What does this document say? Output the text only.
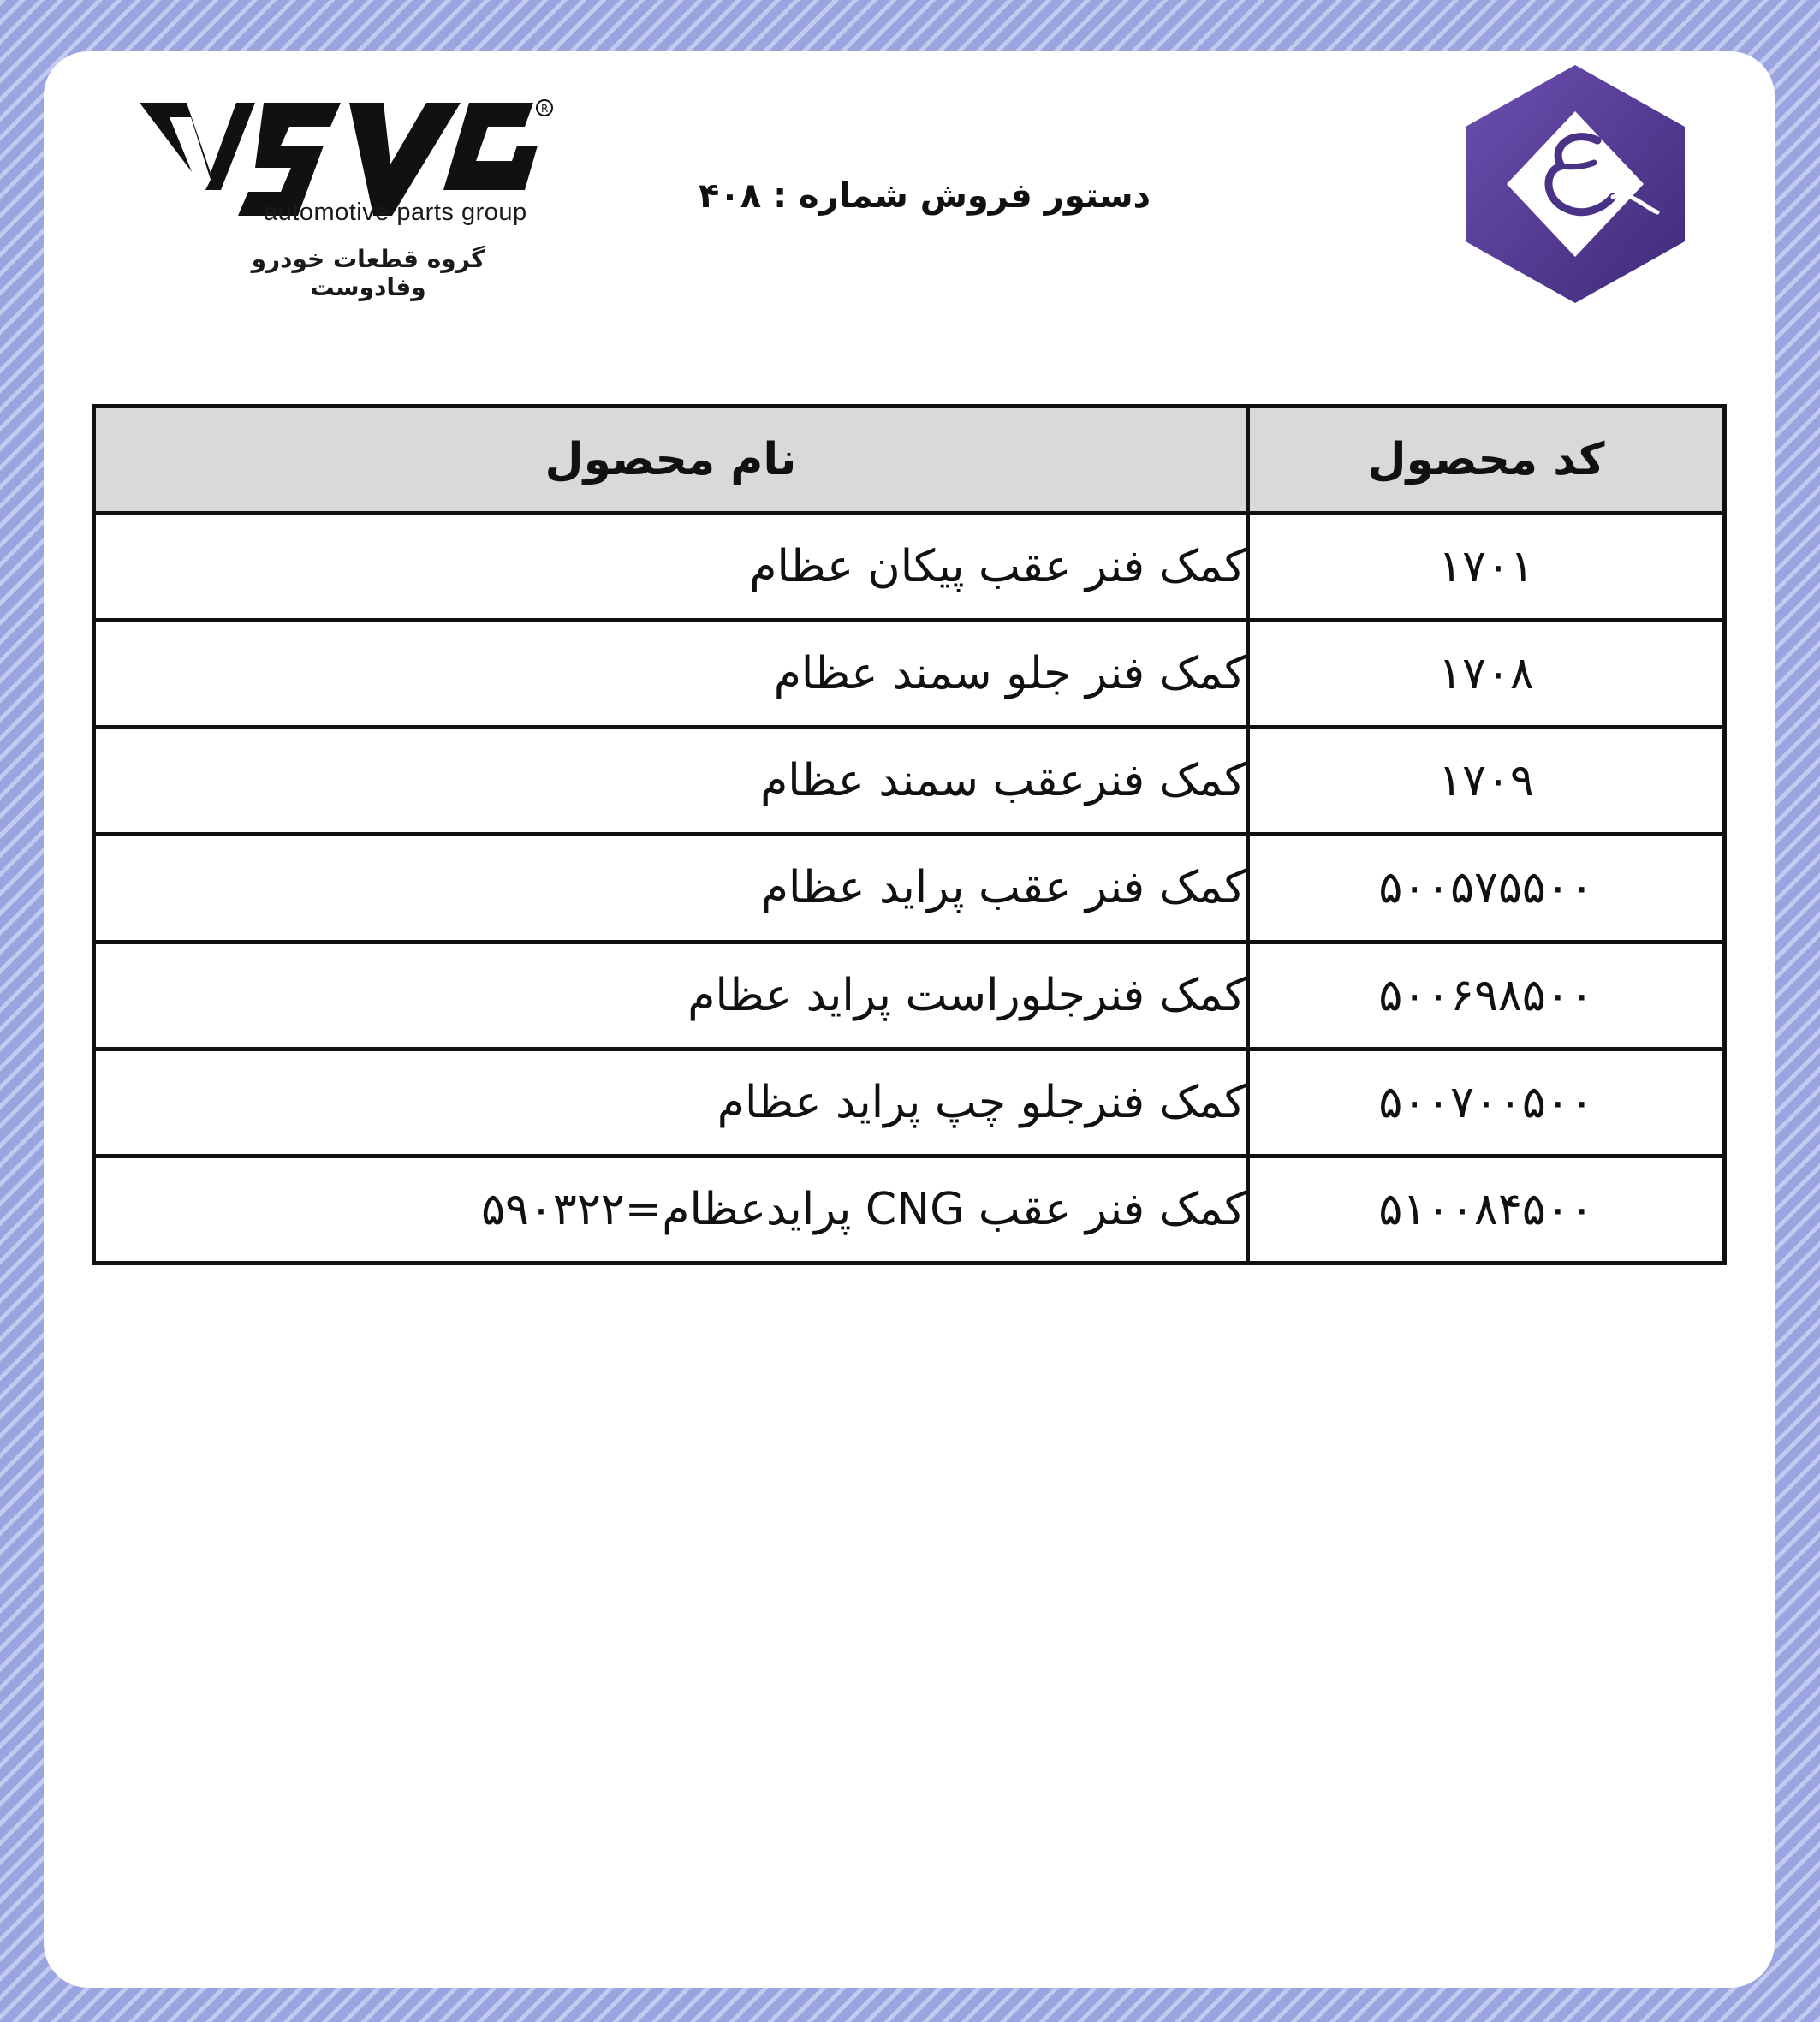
R
automotive parts group
گروه قطعات خودرو وفادوست
دستور فروش شماره : ۴۰۸
کد محصول	نام محصول
۱۷۰۱	کمک فنر عقب پیکان عظام
۱۷۰۸	کمک فنر جلو سمند عظام
۱۷۰۹	کمک فنرعقب سمند عظام
۵۰۰۵۷۵۵۰۰	کمک فنر عقب پراید عظام
۵۰۰۶۹۸۵۰۰	کمک فنرجلوراست پراید عظام
۵۰۰۷۰۰۵۰۰	کمک فنرجلو چپ پراید عظام
۵۱۰۰۸۴۵۰۰	کمک فنر عقب CNG پرایدعظام=۵۹۰۳۲۲
